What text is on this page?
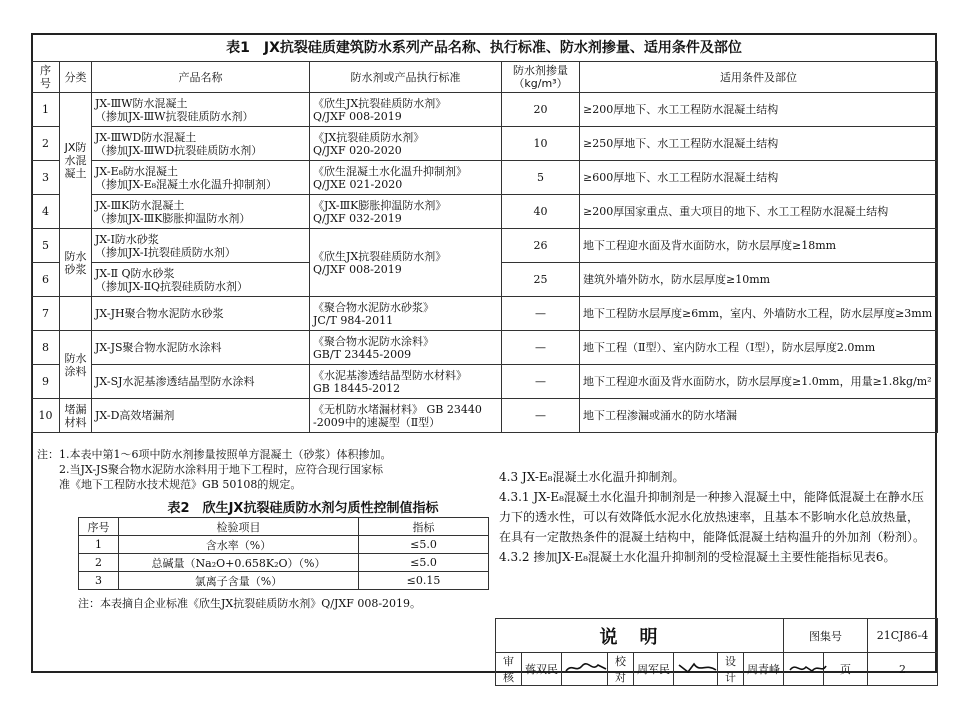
表1　JX抗裂硅质建筑防水系列产品名称、执行标准、防水剂掺量、适用条件及部位
序号	分类	产品名称	防水剂或产品执行标准	防水剂掺量
（kg/m³）	适用条件及部位
1	JX防水混凝土	JX-ⅢW防水混凝土
（掺加JX-ⅢW抗裂硅质防水剂）	《欣生JX抗裂硅质防水剂》
Q/JXF 008-2019	20	≥200厚地下、水工工程防水混凝土结构
2		JX-ⅢWD防水混凝土
（掺加JX-ⅢWD抗裂硅质防水剂）	《JX抗裂硅质防水剂》
Q/JXF 020-2020	10	≥250厚地下、水工工程防水混凝土结构
3		JX-E₈防水混凝土
（掺加JX-E₈混凝土水化温升抑制剂）	《欣生混凝土水化温升抑制剂》
Q/JXE 021-2020	5	≥600厚地下、水工工程防水混凝土结构
4		JX-ⅢK防水混凝土
（掺加JX-ⅢK膨胀抑温防水剂）	《JX-ⅢK膨胀抑温防水剂》
Q/JXF 032-2019	40	≥200厚国家重点、重大项目的地下、水工工程防水混凝土结构
5	防水砂浆	JX-Ⅰ防水砂浆
（掺加JX-Ⅰ抗裂硅质防水剂）	《欣生JX抗裂硅质防水剂》
Q/JXF 008-2019	26	地下工程迎水面及背水面防水，防水层厚度≥18mm
6		JX-Ⅱ Q防水砂浆
（掺加JX-ⅡQ抗裂硅质防水剂）		25	建筑外墙外防水，防水层厚度≥10mm
7		JX-JH聚合物水泥防水砂浆	《聚合物水泥防水砂浆》
JC/T 984-2011	—	地下工程防水层厚度≥6mm，室内、外墙防水工程，防水层厚度≥3mm
8	防水涂料	JX-JS聚合物水泥防水涂料	《聚合物水泥防水涂料》
GB/T 23445-2009	—	地下工程（Ⅱ型）、室内防水工程（Ⅰ型），防水层厚度2.0mm
9		JX-SJ水泥基渗透结晶型防水涂料	《水泥基渗透结晶型防水材料》
GB 18445-2012	—	地下工程迎水面及背水面防水，防水层厚度≥1.0mm，用量≥1.8kg/m²
10	堵漏材料	JX-D高效堵漏剂	《无机防水堵漏材料》 GB 23440
-2009中的速凝型（Ⅱ型）	—	地下工程渗漏或涌水的防水堵漏
注：1.本表中第1～6项中防水剂掺量按照单方混凝土（砂浆）体积掺加。
　　2.当JX-JS聚合物水泥防水涂料用于地下工程时，应符合现行国家标
　　准《地下工程防水技术规范》GB 50108的规定。
表2　欣生JX抗裂硅质防水剂匀质性控制值指标
序号	检验项目	指标
1	含水率（%）	≤5.0
2	总碱量（Na₂O+0.658K₂O）（%）	≤5.0
3	氯离子含量（%）	≤0.15
注：本表摘自企业标准《欣生JX抗裂硅质防水剂》Q/JXF 008-2019。

4.3 JX-E₈混凝土水化温升抑制剂。

4.3.1 JX-E₈混凝土水化温升抑制剂是一种掺入混凝土中，能降低混凝土在静水压力下的透水性，可以有效降低水泥水化放热速率，且基本不影响水化总放热量，在具有一定散热条件的混凝土结构中，能降低混凝土结构温升的外加剂（粉剂）。

4.3.2 掺加JX-E₈混凝土水化温升抑制剂的受检混凝土主要性能指标见表6。

说明								图集号		21CJ86-4
审核	蒋双民		校对	周军民		设计	周青峰		页	2
